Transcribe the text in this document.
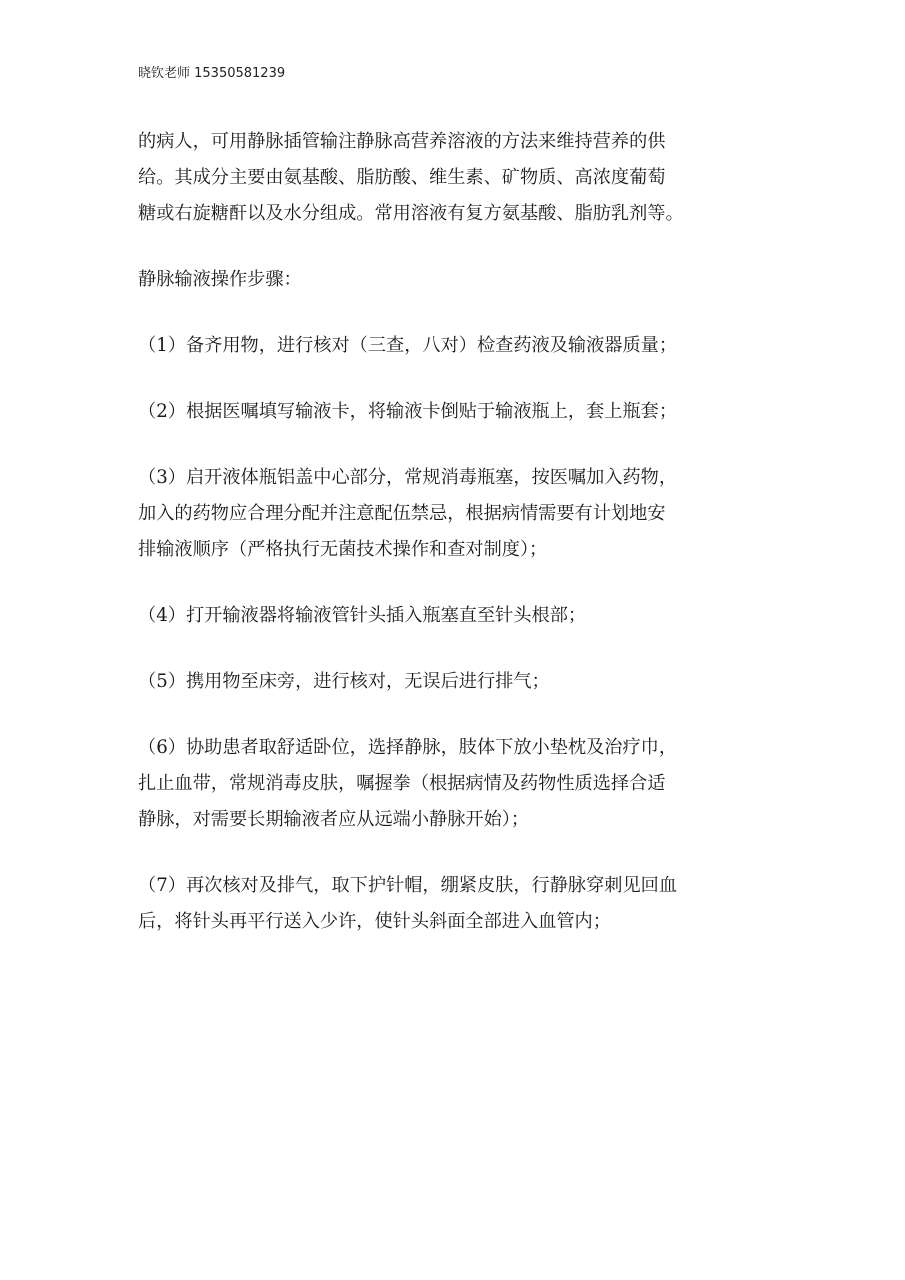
晓钦老师 15350581239

的病人，可用静脉插管输注静脉高营养溶液的方法来维持营养的供
给。其成分主要由氨基酸、脂肪酸、维生素、矿物质、高浓度葡萄
糖或右旋糖酐以及水分组成。常用溶液有复方氨基酸、脂肪乳剂等。

静脉输液操作步骤：

（1）备齐用物，进行核对（三查，八对）检查药液及输液器质量；

（2）根据医嘱填写输液卡，将输液卡倒贴于输液瓶上，套上瓶套；

（3）启开液体瓶铝盖中心部分，常规消毒瓶塞，按医嘱加入药物，
加入的药物应合理分配并注意配伍禁忌，根据病情需要有计划地安
排输液顺序（严格执行无菌技术操作和查对制度）；

（4）打开输液器将输液管针头插入瓶塞直至针头根部；

（5）携用物至床旁，进行核对，无误后进行排气；

（6）协助患者取舒适卧位，选择静脉，肢体下放小垫枕及治疗巾，
扎止血带，常规消毒皮肤，嘱握拳（根据病情及药物性质选择合适
静脉，对需要长期输液者应从远端小静脉开始）；

（7）再次核对及排气，取下护针帽，绷紧皮肤，行静脉穿刺见回血
后，将针头再平行送入少许，使针头斜面全部进入血管内；
